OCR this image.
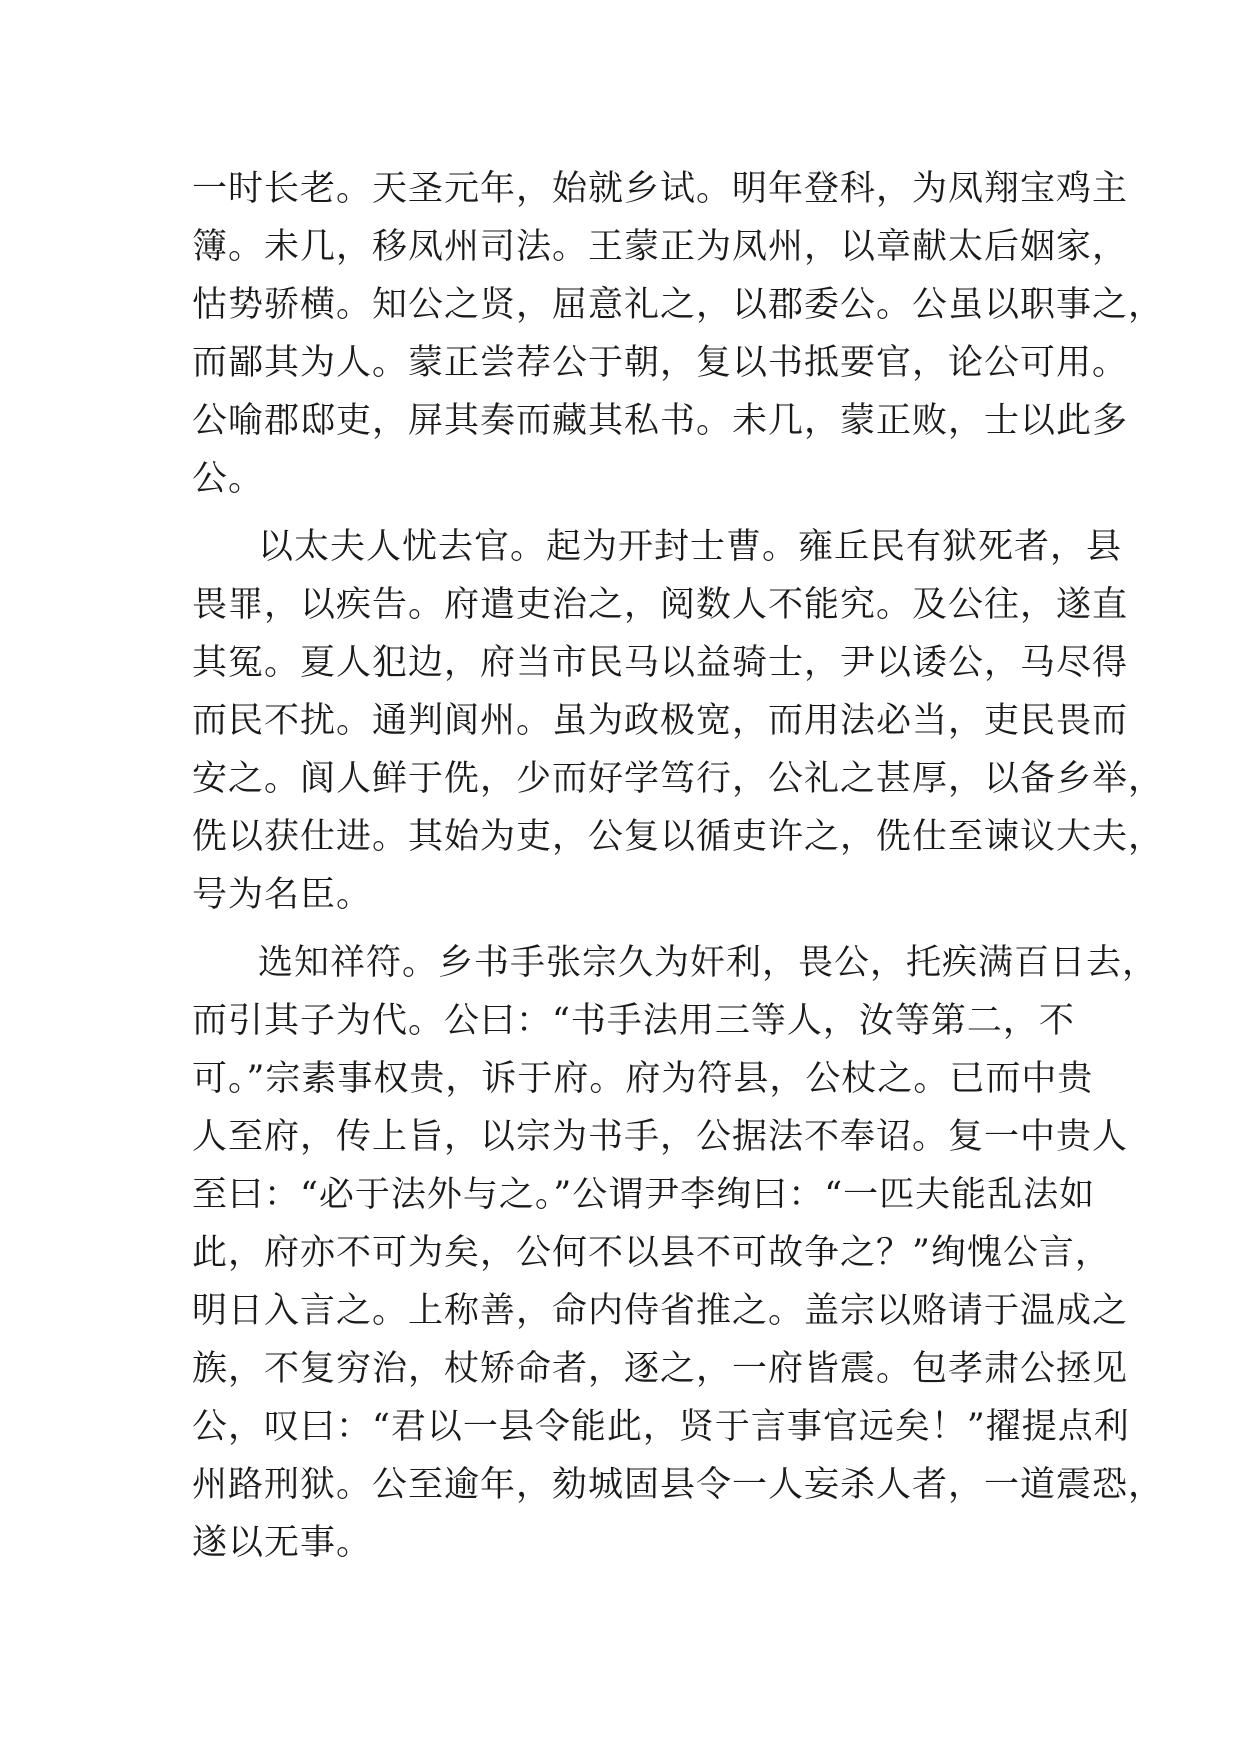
一时长老。天圣元年，始就乡试。明年登科，为凤翔宝鸡主
簿。未几，移凤州司法。王蒙正为凤州，以章献太后姻家，
怙势骄横。知公之贤，屈意礼之，以郡委公。公虽以职事之，
而鄙其为人。蒙正尝荐公于朝，复以书抵要官，论公可用。
公喻郡邸吏，屏其奏而藏其私书。未几，蒙正败，士以此多
公。

以太夫人忧去官。起为开封士曹。雍丘民有狱死者，县
畏罪，以疾告。府遣吏治之，阅数人不能究。及公往，遂直
其冤。夏人犯边，府当市民马以益骑士，尹以诿公，马尽得
而民不扰。通判阆州。虽为政极宽，而用法必当，吏民畏而
安之。阆人鲜于侁，少而好学笃行，公礼之甚厚，以备乡举，
侁以获仕进。其始为吏，公复以循吏许之，侁仕至谏议大夫，
号为名臣。

选知祥符。乡书手张宗久为奸利，畏公，托疾满百日去，
而引其子为代。公曰：“书手法用三等人，汝等第二，不
可。”宗素事权贵，诉于府。府为符县，公杖之。已而中贵
人至府，传上旨，以宗为书手，公据法不奉诏。复一中贵人
至曰：“必于法外与之。”公谓尹李绚曰：“一匹夫能乱法如
此，府亦不可为矣，公何不以县不可故争之？”绚愧公言，
明日入言之。上称善，命内侍省推之。盖宗以赂请于温成之
族，不复穷治，杖矫命者，逐之，一府皆震。包孝肃公拯见
公，叹曰：“君以一县令能此，贤于言事官远矣！”擢提点利
州路刑狱。公至逾年，劾城固县令一人妄杀人者，一道震恐，
遂以无事。
